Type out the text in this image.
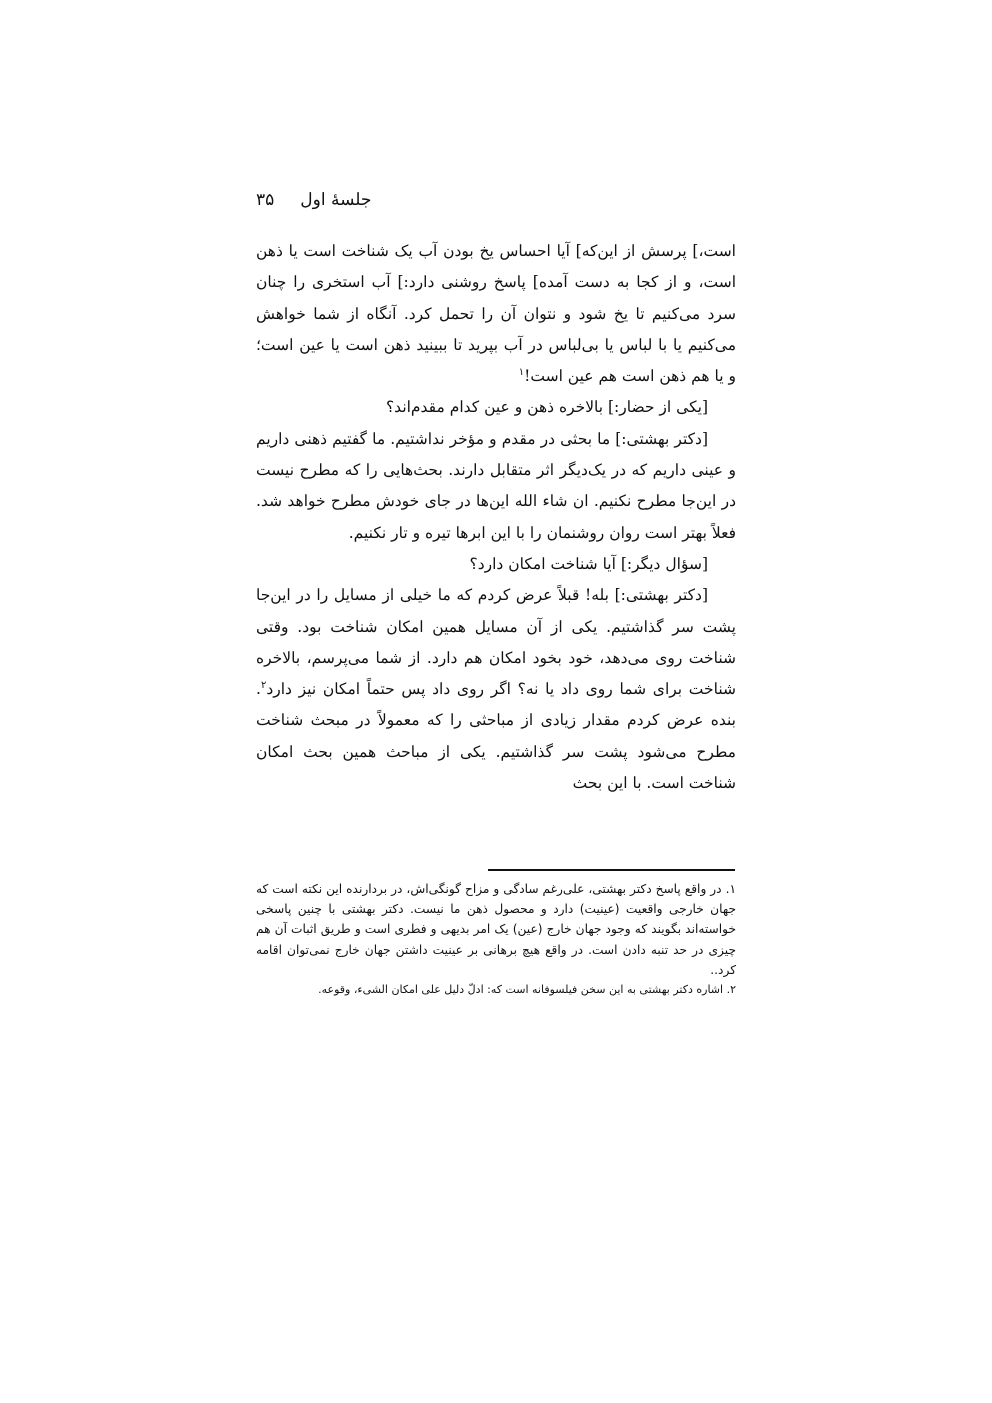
جلسۀ اول
۳۵

است،] پرسش از این‌که] آیا احساس یخ بودن آب یک شناخت است یا ذهن است، و از کجا به دست آمده] پاسخ روشنی دارد:] آب استخری را چنان سرد می‌کنیم تا یخ شود و نتوان آن را تحمل کرد. آنگاه از شما خواهش می‌کنیم یا با لباس یا بی‌لباس در آب بپرید تا ببینید ذهن است یا عین است؛ و یا هم ذهن است هم عین است!$^۱$

[یکی از حضار:] بالاخره ذهن و عین کدام مقدم‌اند؟

[دکتر بهشتی:] ما بحثی در مقدم و مؤخر نداشتیم. ما گفتیم ذهنی داریم و عینی داریم که در یک‌دیگر اثر متقابل دارند. بحث‌هایی را که مطرح نیست در این‌جا مطرح نکنیم. ان شاء الله این‌ها در جای خودش مطرح خواهد شد. فعلاً بهتر است روان روشنمان را با این ابرها تیره و تار نکنیم.

[سؤال دیگر:] آیا شناخت امکان دارد؟

[دکتر بهشتی:] بله! قبلاً عرض کردم که ما خیلی از مسایل را در این‌جا پشت سر گذاشتیم. یکی از آن مسایل همین امکان شناخت بود. وقتی شناخت روی می‌دهد، خود بخود امکان هم دارد. از شما می‌پرسم، بالاخره شناخت برای شما روی داد یا نه؟ اگر روی داد پس حتماً امکان نیز دارد$^۲$. بنده عرض کردم مقدار زیادی از مباحثی را که معمولاً در مبحث شناخت مطرح می‌شود پشت سر گذاشتیم. یکی از مباحث همین بحث امکان شناخت است. با این بحث

۱. در واقع پاسخ دکتر بهشتی، علی‌رغم سادگی و مزاح گونگی‌اش، در بردارنده این نکته است که جهان خارجی واقعیت (عینیت) دارد و محصول ذهن ما نیست. دکتر بهشتی با چنین پاسخی خواسته‌اند بگویند که وجود جهان خارج (عین) یک امر بدیهی و فطری است و طریق اثبات آن هم چیزی در حد تنبه دادن است. در واقع هیچ برهانی بر عینیت داشتن جهان خارج نمی‌توان اقامه کرد..

۲. اشاره دکتر بهشتی به این سخن فیلسوفانه است که: ادلّ دلیل علی امکان الشیء، وقوعه.
